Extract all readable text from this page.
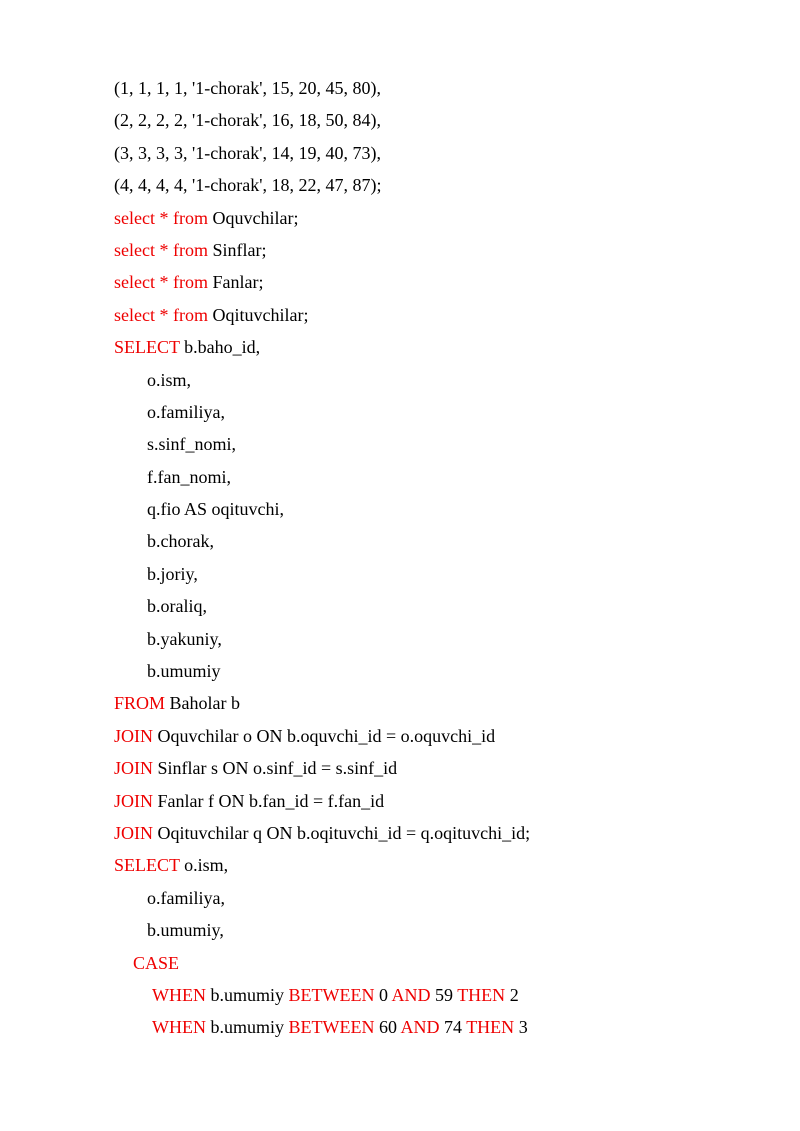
(1, 1, 1, 1, '1-chorak', 15, 20, 45, 80),
(2, 2, 2, 2, '1-chorak', 16, 18, 50, 84),
(3, 3, 3, 3, '1-chorak', 14, 19, 40, 73),
(4, 4, 4, 4, '1-chorak', 18, 22, 47, 87);
select * from Oquvchilar;
select * from Sinflar;
select * from Fanlar;
select * from Oqituvchilar;
SELECT b.baho_id,
o.ism,
o.familiya,
s.sinf_nomi,
f.fan_nomi,
q.fio AS oqituvchi,
b.chorak,
b.joriy,
b.oraliq,
b.yakuniy,
b.umumiy
FROM Baholar b
JOIN Oquvchilar o ON b.oquvchi_id = o.oquvchi_id
JOIN Sinflar s ON o.sinf_id = s.sinf_id
JOIN Fanlar f ON b.fan_id = f.fan_id
JOIN Oqituvchilar q ON b.oqituvchi_id = q.oqituvchi_id;
SELECT o.ism,
o.familiya,
b.umumiy,
CASE
WHEN b.umumiy BETWEEN 0 AND 59 THEN 2
WHEN b.umumiy BETWEEN 60 AND 74 THEN 3
